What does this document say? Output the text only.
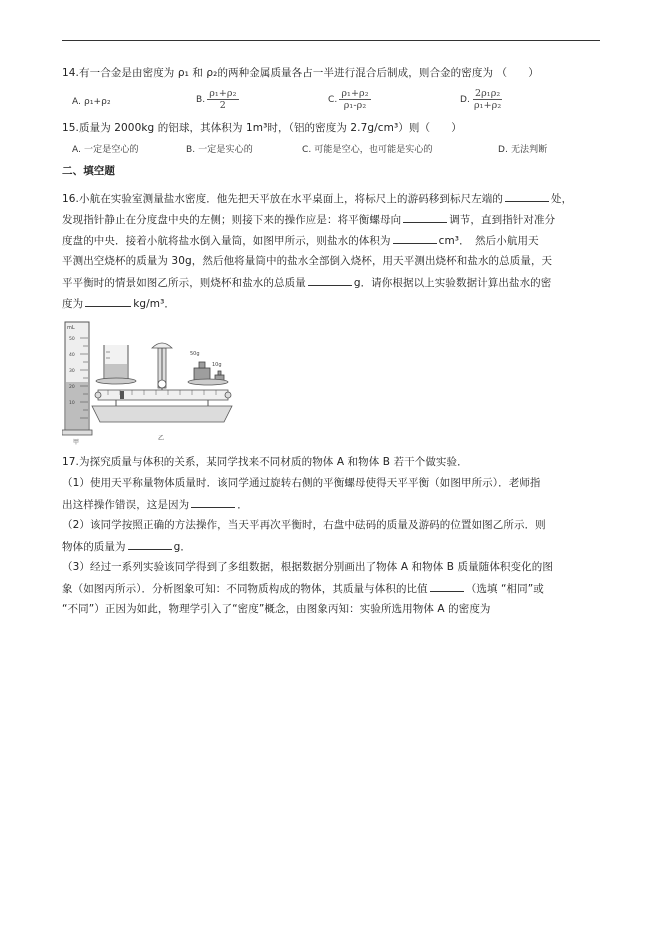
14.有一合金是由密度为 ρ₁ 和 ρ₂的两种金属质量各占一半进行混合后制成，则合金的密度为 （　　）
A. ρ₁+ρ₂	B. $\frac{\text{ρ₁+ρ₂}}{2}$	C. $\frac{\text{ρ₁+ρ₂}}{\text{ρ₁-ρ₂}}$	D. $\frac{\text{2ρ₁ρ₂}}{\text{ρ₁+ρ₂}}$
15.质量为 2000kg 的铝球，其体积为 1m³时，（铝的密度为 2.7g/cm³）则（　　）
A. 一定是空心的	B. 一定是实心的	C. 可能是空心，也可能是实心的	D. 无法判断
二、填空题
16.小航在实验室测量盐水密度．他先把天平放在水平桌面上，将标尺上的游码移到标尺左端的	处，
发现指针静止在分度盘中央的左侧；则接下来的操作应是：将平衡螺母向	调节，直到指针对准分
度盘的中央．接着小航将盐水倒入量筒，如图甲所示，则盐水的体积为	cm³．　然后小航用天
平测出空烧杯的质量为 30g，然后他将量筒中的盐水全部倒入烧杯，用天平测出烧杯和盐水的总质量，天
平平衡时的情景如图乙所示，则烧杯和盐水的总质量	g．请你根据以上实验数据计算出盐水的密
度为	kg/m³．
mL
50
40
30
20
10
甲
50g
10g
乙
17.为探究质量与体积的关系，某同学找来不同材质的物体 A 和物体 B 若干个做实验．
（1）使用天平称量物体质量时．该同学通过旋转右侧的平衡螺母使得天平平衡（如图甲所示）．老师指
出这样操作错误，这是因为	．
（2）该同学按照正确的方法操作，当天平再次平衡时，右盘中砝码的质量及游码的位置如图乙所示．则
物体的质量为	g．
（3）经过一系列实验该同学得到了多组数据，根据数据分别画出了物体 A 和物体 B 质量随体积变化的图
象（如图丙所示）．分析图象可知：不同物质构成的物体，其质量与体积的比值	（选填 “相同”或
“不同”）正因为如此，物理学引入了“密度”概念，由图象丙知：实验所选用物体 A 的密度为
